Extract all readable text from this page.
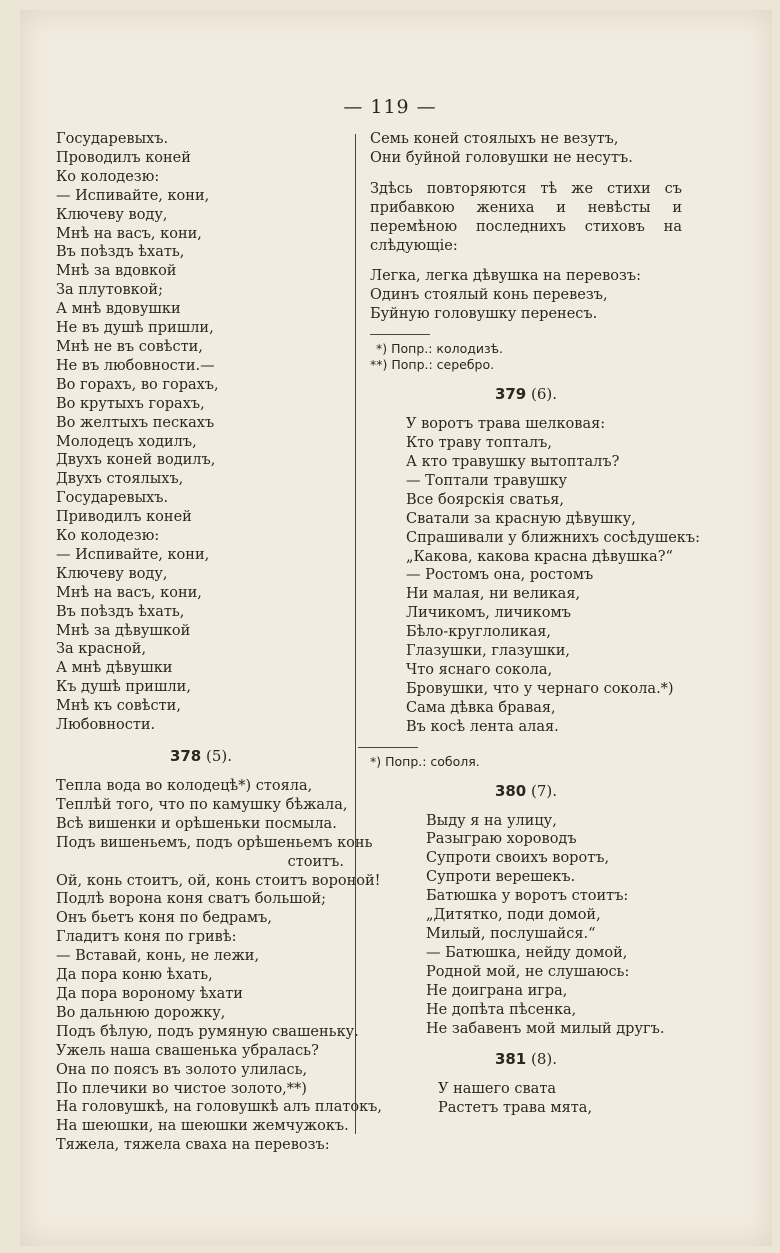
— 119 —
Государевыхъ.
Проводилъ коней
Ко колодезю:
— Испивайте, кони,
Ключеву воду,
Мнѣ на васъ, кони,
Въ поѣздъ ѣхать,
Мнѣ за вдовкой
За плутовкой;
А мнѣ вдовушки
Не въ душѣ пришли,
Мнѣ не въ совѣсти,
Не въ любовности.—
Во горахъ, во горахъ,
Во крутыхъ горахъ,
Во желтыхъ пескахъ
Молодецъ ходилъ,
Двухъ коней водилъ,
Двухъ стоялыхъ,
Государевыхъ.
Приводилъ коней
Ко колодезю:
— Испивайте, кони,
Ключеву воду,
Мнѣ на васъ, кони,
Въ поѣздъ ѣхать,
Мнѣ за дѣвушкой
За красной,
А мнѣ дѣвушки
Къ душѣ пришли,
Мнѣ къ совѣсти,
Любовности.
378 (5).
Тепла вода во колодецѣ*) стояла,
Теплѣй того, что по камушку бѣжала,
Всѣ вишенки и орѣшеньки посмыла.
Подъ вишеньемъ, подъ орѣшеньемъ конь
стоитъ.
Ой, конь стоитъ, ой, конь стоитъ вороной!
Подлѣ ворона коня сватъ большой;
Онъ бьетъ коня по бедрамъ,
Гладитъ коня по гривѣ:
— Вставай, конь, не лежи,
Да пора коню ѣхать,
Да пора вороному ѣхати
Во дальнюю дорожку,
Подъ бѣлую, подъ румяную свашеньку.
Ужель наша свашенька убралась?
Она по поясъ въ золото улилась,
По плечики во чистое золото,**)
На головушкѣ, на головушкѣ алъ платокъ,
На шеюшки, на шеюшки жемчужокъ.
Тяжела, тяжела сваха на перевозъ:
Семь коней стоялыхъ не везутъ,
Они буйной головушки не несутъ.
Здѣсь повторяются тѣ же стихи съ прибавкою жениха и невѣсты и перемѣною последнихъ стиховъ на слѣдующіе:
Легка, легка дѣвушка на перевозъ:
Одинъ стоялый конь перевезъ,
Буйную головушку перенесъ.
*) Попр.: колодизѣ.
**) Попр.: серебро.
379 (6).
У воротъ трава шелковая:
Кто траву топталъ,
А кто травушку вытопталъ?
— Топтали травушку
Все боярскія сватья,
Сватали за красную дѣвушку,
Спрашивали у ближнихъ сосѣдушекъ:
„Какова, какова красна дѣвушка?“
— Ростомъ она, ростомъ
Ни малая, ни великая,
Личикомъ, личикомъ
Бѣло-круглоликая,
Глазушки, глазушки,
Что яснаго сокола,
Бровушки, что у чернаго сокола.*)
Сама дѣвка бравая,
Въ косѣ лента алая.
*) Попр.: соболя.
380 (7).
Выду я на улицу,
Разыграю хороводъ
Супроти своихъ воротъ,
Супроти верешекъ.
Батюшка у воротъ стоитъ:
„Дитятко, поди домой,
Милый, послушайся.“
— Батюшка, нейду домой,
Родной мой, не слушаюсь:
Не доиграна игра,
Не допѣта пѣсенка,
Не забавенъ мой милый другъ.
381 (8).
У нашего свата
Растетъ трава мята,
